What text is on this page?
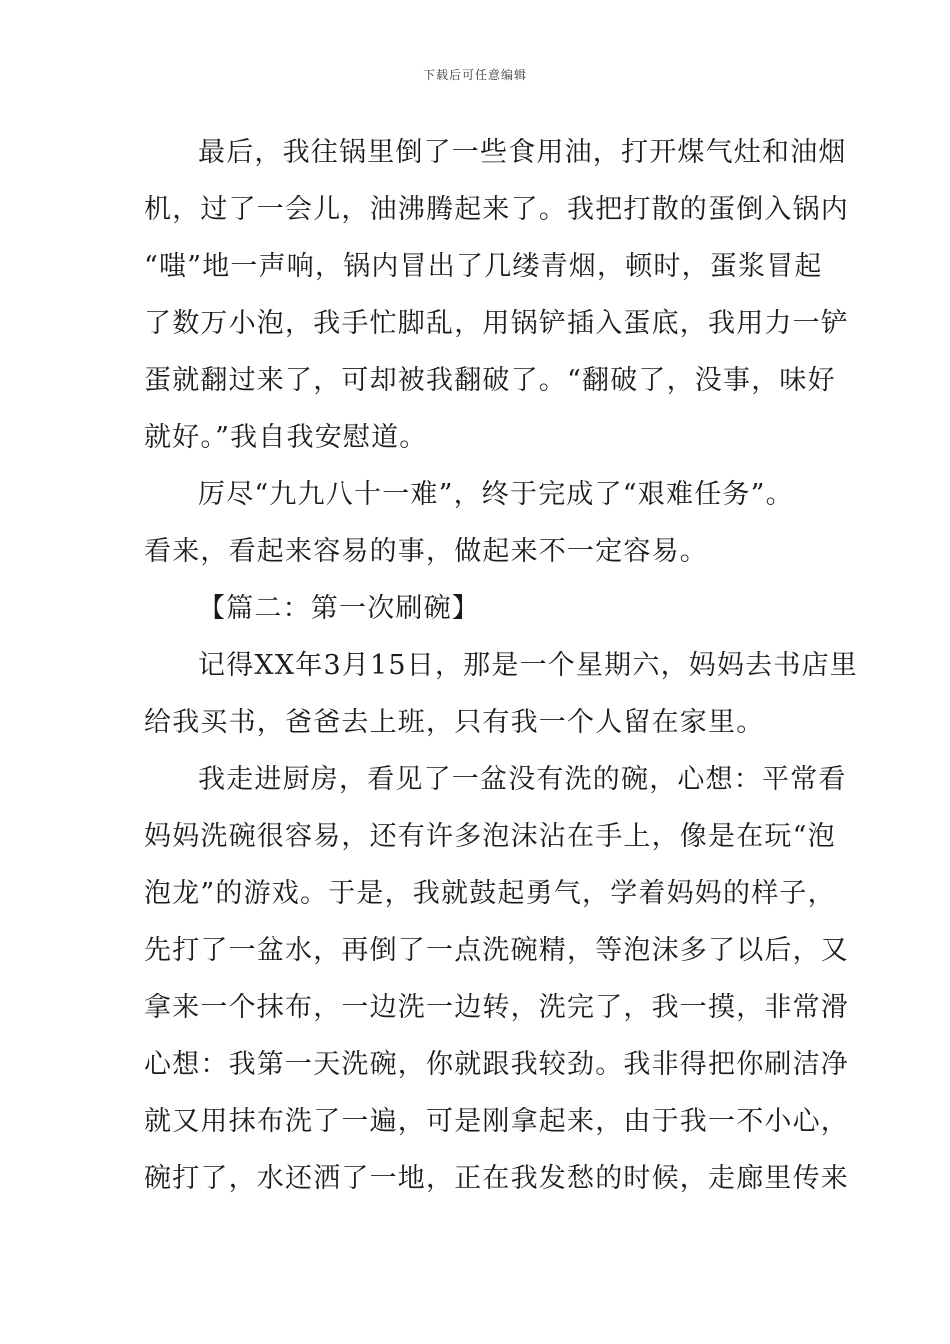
下载后可任意编辑
最后，我往锅里倒了一些食用油，打开煤气灶和油烟
机，过了一会儿，油沸腾起来了。我把打散的蛋倒入锅内
“嗤”地一声响，锅内冒出了几缕青烟，顿时，蛋浆冒起
了数万小泡，我手忙脚乱，用锅铲插入蛋底，我用力一铲
蛋就翻过来了，可却被我翻破了。“翻破了，没事，味好
就好。”我自我安慰道。
厉尽“九九八十一难”，终于完成了“艰难任务”。
看来，看起来容易的事，做起来不一定容易。
【篇二：第一次刷碗】
记得XX年3月15日，那是一个星期六，妈妈去书店里
给我买书，爸爸去上班，只有我一个人留在家里。
我走进厨房，看见了一盆没有洗的碗，心想：平常看
妈妈洗碗很容易，还有许多泡沫沾在手上，像是在玩“泡
泡龙”的游戏。于是，我就鼓起勇气，学着妈妈的样子，
先打了一盆水，再倒了一点洗碗精，等泡沫多了以后，又
拿来一个抹布，一边洗一边转，洗完了，我一摸，非常滑
心想：我第一天洗碗，你就跟我较劲。我非得把你刷洁净
就又用抹布洗了一遍，可是刚拿起来，由于我一不小心，
碗打了，水还洒了一地，正在我发愁的时候，走廊里传来
